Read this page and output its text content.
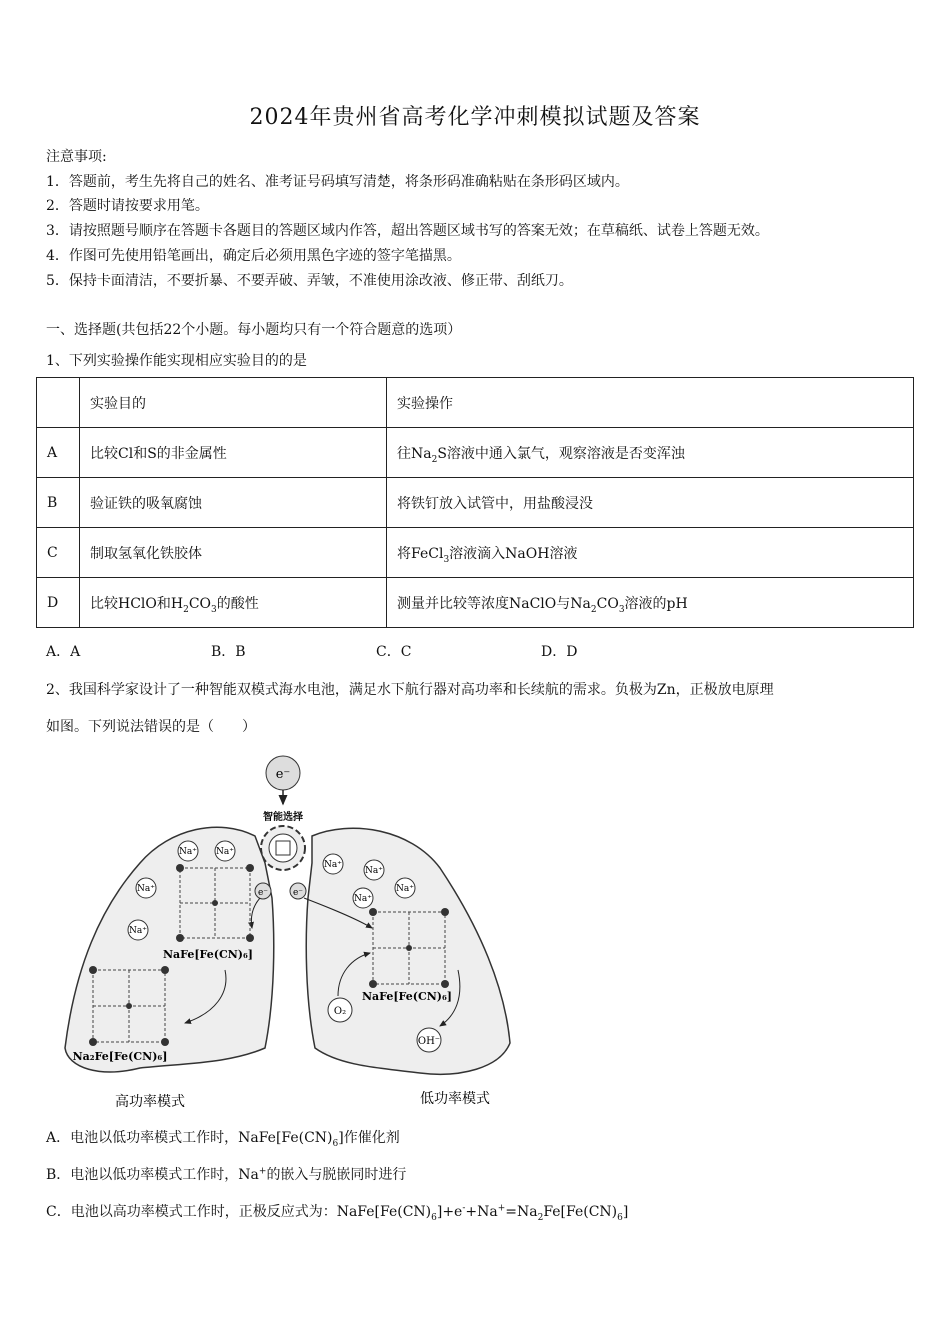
2024年贵州省高考化学冲刺模拟试题及答案
注意事项:
1．答题前，考生先将自己的姓名、准考证号码填写清楚，将条形码准确粘贴在条形码区域内。
2．答题时请按要求用笔。
3．请按照题号顺序在答题卡各题目的答题区域内作答，超出答题区域书写的答案无效；在草稿纸、试卷上答题无效。
4．作图可先使用铅笔画出，确定后必须用黑色字迹的签字笔描黑。
5．保持卡面清洁，不要折暴、不要弄破、弄皱，不准使用涂改液、修正带、刮纸刀。
一、选择题(共包括22个小题。每小题均只有一个符合题意的选项）
1、下列实验操作能实现相应实验目的的是
	实验目的	实验操作
A	比较Cl和S的非金属性	往$Na_2S$溶液中通入氯气，观察溶液是否变浑浊
B	验证铁的吸氧腐蚀	将铁钉放入试管中，用盐酸浸没
C	制取氢氧化铁胶体	将FeCl$_3$溶液滴入NaOH溶液
D	比较HClO和$H_2CO_3$的酸性	测量并比较等浓度NaClO与$Na_2CO_3$溶液的pH
A．A	B．B	C．C	D．D
2、我国科学家设计了一种智能双模式海水电池，满足水下航行器对高功率和长续航的需求。负极为Zn，正极放电原理
如图。下列说法错误的是（　　）
e⁻
智能选择
e⁻	e⁻
Na⁺ Na⁺
Na⁺
Na⁺
Na⁺
Na⁺
Na⁺
Na⁺
NaFe[Fe(CN)₆]
Na₂Fe[Fe(CN)₆]
NaFe[Fe(CN)₆]
O₂
OH⁻
高功率模式	低功率模式
A．电池以低功率模式工作时，$NaFe[Fe(CN)_6]$作催化剂
B．电池以低功率模式工作时，Na+的嵌入与脱嵌同时进行
C．电池以高功率模式工作时，正极反应式为：$NaFe[Fe(CN)_6]+e^-+Na^+=Na_2Fe[Fe(CN)_6]$
